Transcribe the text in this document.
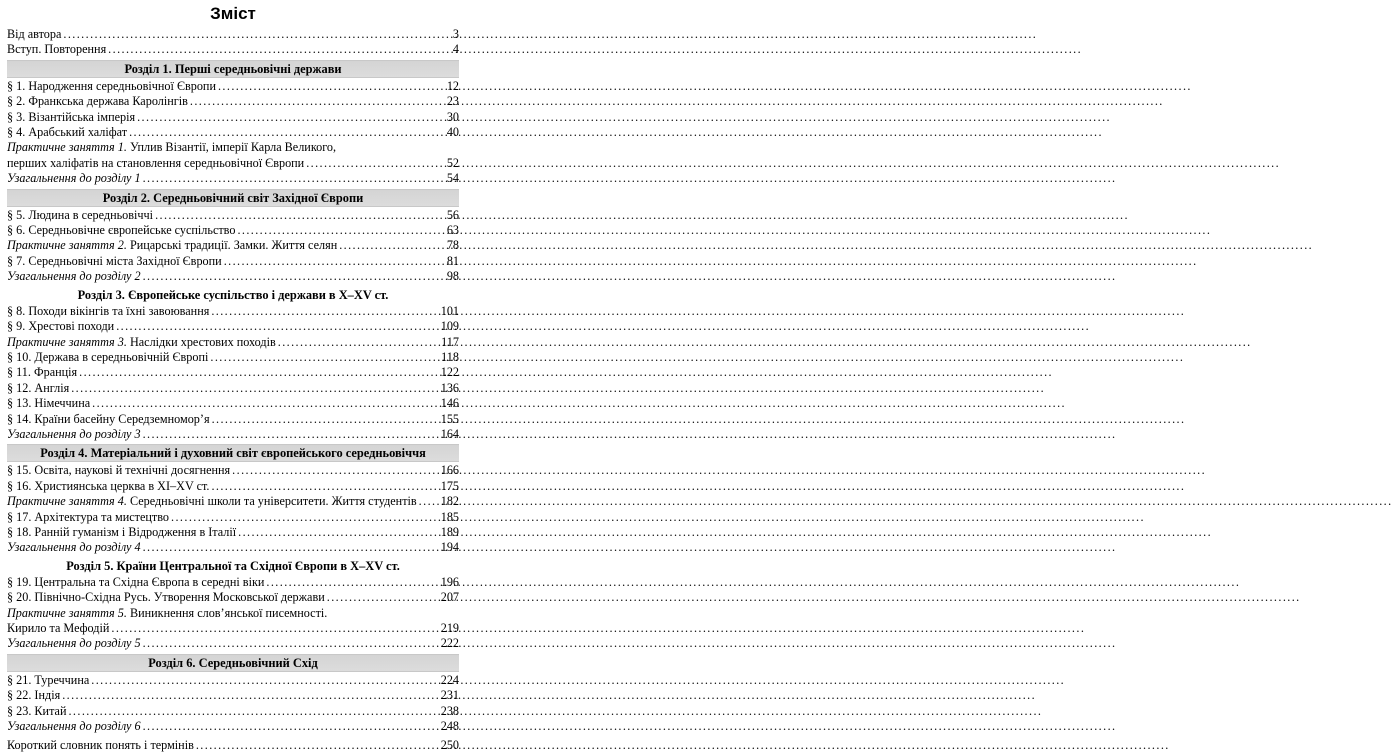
Зміст
Від автора .....	3
Вступ. Повторення .....	4
Розділ 1. Перші середньовічні держави
§ 1. Народження середньовічної Європи .....	12
§ 2. Франкська держава Каролінгів .....	23
§ 3. Візантійська імперія .....	30
§ 4. Арабський халіфат .....	40
Практичне заняття 1. Уплив Візантії, імперії Карла Великого,
перших халіфатів на становлення середньовічної Європи .....	52
Узагальнення до розділу 1 .....	54
Розділ 2. Середньовічний світ Західної Європи
§ 5. Людина в середньовіччі .....	56
§ 6. Середньовічне європейське суспільство .....	63
Практичне заняття 2. Рицарські традиції. Замки. Життя селян .....	78
§ 7. Середньовічні міста Західної Європи .....	81
Узагальнення до розділу 2 .....	98
Розділ 3. Європейське суспільство і держави в X–XV ст.
§ 8. Походи вікінгів та їхні завоювання .....	101
§ 9. Хрестові походи .....	109
Практичне заняття 3. Наслідки хрестових походів .....	117
§ 10. Держава в середньовічній Європі .....	118
§ 11. Франція .....	122
§ 12. Англія .....	136
§ 13. Німеччина .....	146
§ 14. Країни басейну Середземномор’я .....	155
Узагальнення до розділу 3 .....	164
Розділ 4. Матеріальний і духовний світ європейського середньовіччя
§ 15. Освіта, наукові й технічні досягнення .....	166
§ 16. Християнська церква в XI–XV ст. .....	175
Практичне заняття 4. Середньовічні школи та університети. Життя студентів ..... 182
§ 17. Архітектура та мистецтво .....	185
§ 18. Ранній гуманізм і Відродження в Італії .....	189
Узагальнення до розділу 4 .....	194
Розділ 5. Країни Центральної та Східної Європи в X–XV ст.
§ 19. Центральна та Східна Європа в середні віки .....	196
§ 20. Північно-Східна Русь. Утворення Московської держави .....	207
Практичне заняття 5. Виникнення слов’янської писемності.
Кирило та Мефодій .....	219
Узагальнення до розділу 5 .....	222
Розділ 6. Середньовічний Схід
§ 21. Туреччина .....	224
§ 22. Індія .....	231
§ 23. Китай .....	238
Узагальнення до розділу 6 .....	248
Короткий словник понять і термінів .....	250
